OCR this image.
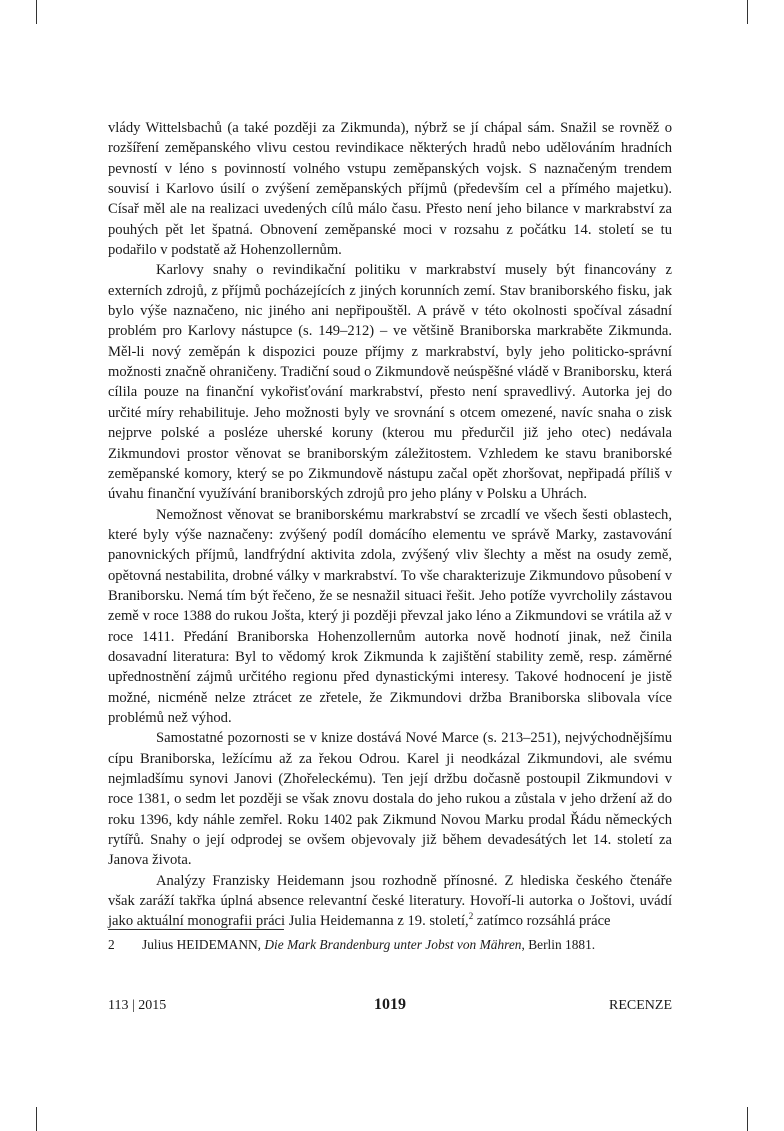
vlády Wittelsbachů (a také později za Zikmunda), nýbrž se jí chápal sám. Snažil se rovněž o rozšíření zeměpanského vlivu cestou revindikace některých hradů nebo udělováním hradních pevností v léno s povinností volného vstupu zeměpanských vojsk. S naznačeným trendem souvisí i Karlovo úsilí o zvýšení zeměpanských příjmů (především cel a přímého majetku). Císař měl ale na realizaci uvedených cílů málo času. Přesto není jeho bilance v markrabství za pouhých pět let špatná. Obnovení zeměpanské moci v rozsahu z počátku 14. století se tu podařilo v podstatě až Hohenzollernům.

Karlovy snahy o revindikační politiku v markrabství musely být financovány z externích zdrojů, z příjmů pocházejících z jiných korunních zemí. Stav braniborského fisku, jak bylo výše naznačeno, nic jiného ani nepřipouštěl. A právě v této okolnosti spočíval zásadní problém pro Karlovy nástupce (s. 149–212) – ve většině Braniborska markraběte Zikmunda. Měl-li nový zeměpán k dispozici pouze příjmy z markrabství, byly jeho politicko-správní možnosti značně ohraničeny. Tradiční soud o Zikmundově neúspěšné vládě v Braniborsku, která cílila pouze na finanční vykořisťování markrabství, přesto není spravedlivý. Autorka jej do určité míry rehabilituje. Jeho možnosti byly ve srovnání s otcem omezené, navíc snaha o zisk nejprve polské a posléze uherské koruny (kterou mu předurčil již jeho otec) nedávala Zikmundovi prostor věnovat se braniborským záležitostem. Vzhledem ke stavu braniborské zeměpanské komory, který se po Zikmundově nástupu začal opět zhoršovat, nepřipadá příliš v úvahu finanční využívání braniborských zdrojů pro jeho plány v Polsku a Uhrách.

Nemožnost věnovat se braniborskému markrabství se zrcadlí ve všech šesti oblastech, které byly výše naznačeny: zvýšený podíl domácího elementu ve správě Marky, zastavování panovnických příjmů, landfrýdní aktivita zdola, zvýšený vliv šlechty a měst na osudy země, opětovná nestabilita, drobné války v markrabství. To vše charakterizuje Zikmundovo působení v Braniborsku. Nemá tím být řečeno, že se nesnažil situaci řešit. Jeho potíže vyvrcholily zástavou země v roce 1388 do rukou Jošta, který ji později převzal jako léno a Zikmundovi se vrátila až v roce 1411. Předání Braniborska Hohenzollernům autorka nově hodnotí jinak, než činila dosavadní literatura: Byl to vědomý krok Zikmunda k zajištění stability země, resp. záměrné upřednostnění zájmů určitého regionu před dynastickými interesy. Takové hodnocení je jistě možné, nicméně nelze ztrácet ze zřetele, že Zikmundovi držba Braniborska slibovala více problémů než výhod.

Samostatné pozornosti se v knize dostává Nové Marce (s. 213–251), nejvýchodnějšímu cípu Braniborska, ležícímu až za řekou Odrou. Karel ji neodkázal Zikmundovi, ale svému nejmladšímu synovi Janovi (Zhořeleckému). Ten její držbu dočasně postoupil Zikmundovi v roce 1381, o sedm let později se však znovu dostala do jeho rukou a zůstala v jeho držení až do roku 1396, kdy náhle zemřel. Roku 1402 pak Zikmund Novou Marku prodal Řádu německých rytířů. Snahy o její odprodej se ovšem objevovaly již během devadesátých let 14. století za Janova života.

Analýzy Franzisky Heidemann jsou rozhodně přínosné. Z hlediska českého čtenáře však zaráží takřka úplná absence relevantní české literatury. Hovoří-li autorka o Joštovi, uvádí jako aktuální monografii práci Julia Heidemanna z 19. století,$^2$ zatímco rozsáhlá práce

2 Julius HEIDEMANN, Die Mark Brandenburg unter Jobst von Mähren, Berlin 1881.
113 | 2015	1019	RECENZE
